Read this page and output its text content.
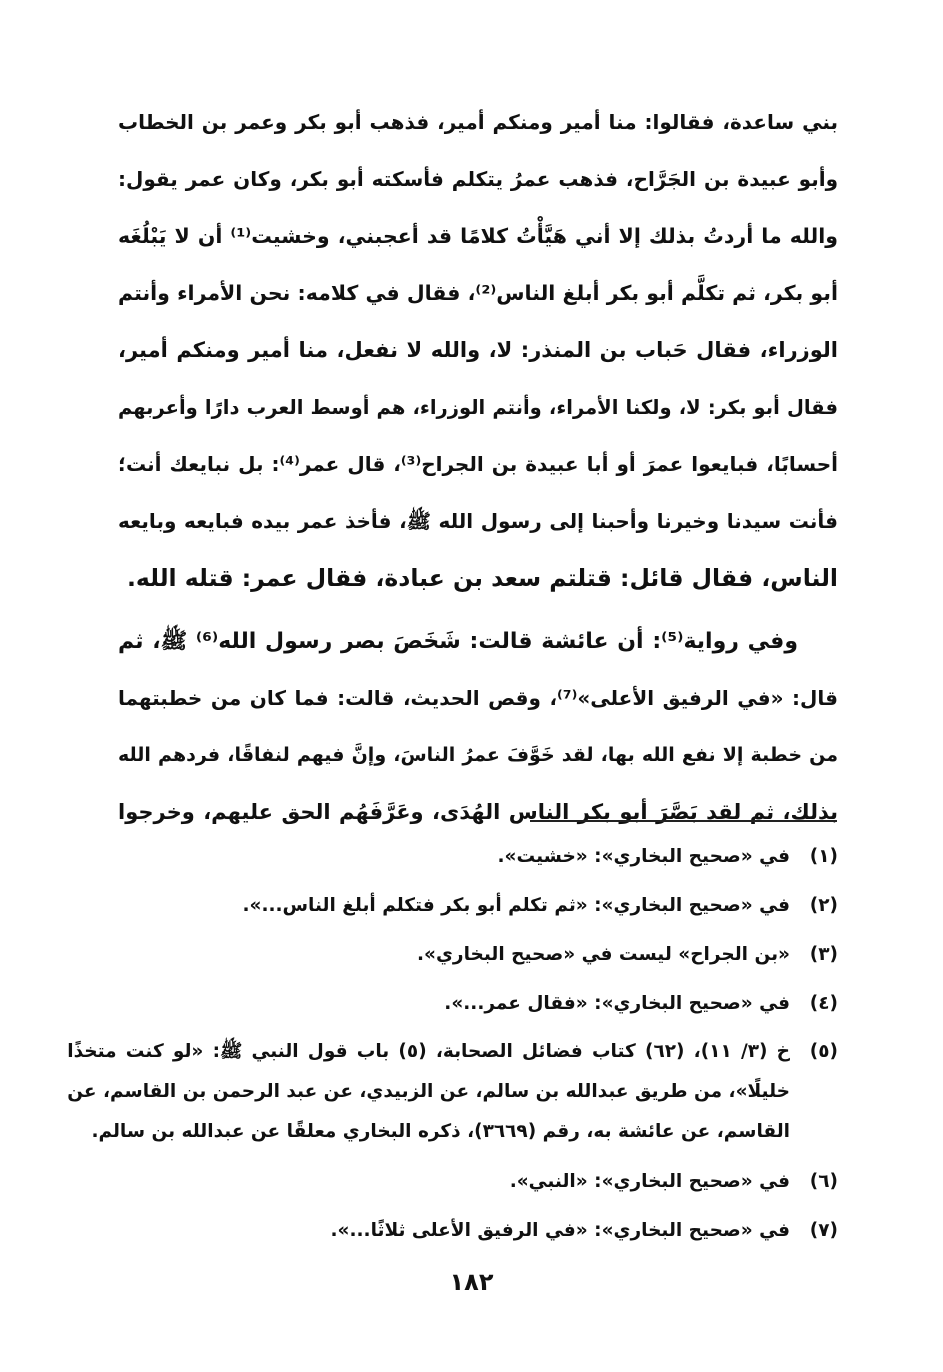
بني ساعدة، فقالوا: منا أمير ومنكم أمير، فذهب أبو بكر وعمر بن الخطاب
وأبو عبيدة بن الجَرَّاح، فذهب عمرُ يتكلم فأسكته أبو بكر، وكان عمر يقول:
والله ما أردتُ بذلك إلا أني هَيَّأْتُ كلامًا قد أعجبني، وخشيت⁽¹⁾ أن لا يَبْلُغَه
أبو بكر، ثم تكلَّم أبو بكر أبلغ الناس⁽²⁾، فقال في كلامه: نحن الأمراء وأنتم
الوزراء، فقال حَباب بن المنذر: لا، والله لا نفعل، منا أمير ومنكم أمير،
فقال أبو بكر: لا، ولكنا الأمراء، وأنتم الوزراء، هم أوسط العرب دارًا وأعربهم
أحسابًا، فبايعوا عمرَ أو أبا عبيدة بن الجراح⁽³⁾، قال عمر⁽⁴⁾: بل نبايعك أنت؛
فأنت سيدنا وخيرنا وأحبنا إلى رسول الله ﷺ، فأخذ عمر بيده فبايعه وبايعه
الناس، فقال قائل: قتلتم سعد بن عبادة، فقال عمر: قتله الله.
وفي رواية⁽⁵⁾: أن عائشة قالت: شَخَصَ بصر رسول الله⁽⁶⁾ ﷺ، ثم
قال: «في الرفيق الأعلى»⁽⁷⁾، وقص الحديث، قالت: فما كان من خطبتهما
من خطبة إلا نفع الله بها، لقد خَوَّفَ عمرُ الناسَ، وإنَّ فيهم لنفاقًا، فردهم الله
بذلك، ثم لقد بَصَّرَ أبو بكر الناس الهُدَى، وعَرَّفَهُم الحق عليهم، وخرجوا
(١)
في «صحيح البخاري»: «خشيت».
(٢)
في «صحيح البخاري»: «ثم تكلم أبو بكر فتكلم أبلغ الناس...».
(٣)
«بن الجراح» ليست في «صحيح البخاري».
(٤)
في «صحيح البخاري»: «فقال عمر...».
(٥)
خ (٣/ ١١)، (٦٢) كتاب فضائل الصحابة، (٥) باب قول النبي ﷺ: «لو كنت متخذًا
خليلًا»، من طريق عبدالله بن سالم، عن الزبيدي، عن عبد الرحمن بن القاسم، عن
القاسم، عن عائشة به، رقم (٣٦٦٩)، ذكره البخاري معلقًا عن عبدالله بن سالم.
(٦)
في «صحيح البخاري»: «النبي».
(٧)
في «صحيح البخاري»: «في الرفيق الأعلى ثلاثًا...».
١٨٢
